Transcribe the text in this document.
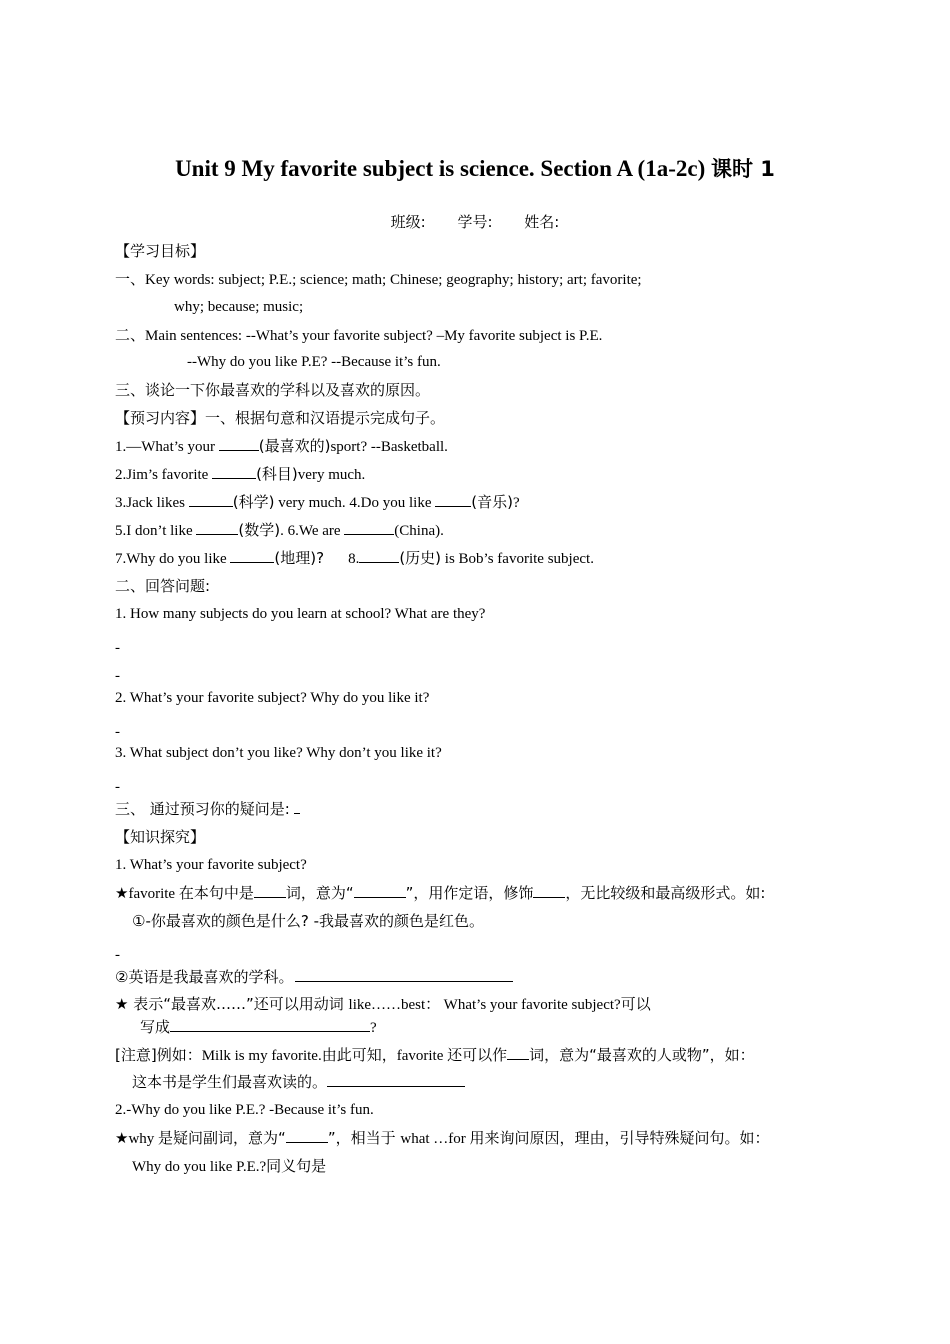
Unit 9 My favorite subject is science. Section A (1a-2c) 课时 1
班级: 学号: 姓名:
【学习目标】
一、Key words: subject; P.E.; science; math; Chinese; geography; history; art; favorite;
why; because; music;
二、Main sentences: --What’s your favorite subject? –My favorite subject is P.E.
--Why do you like P.E? --Because it’s fun.
三、谈论一下你最喜欢的学科以及喜欢的原因。
【预习内容】一、根据句意和汉语提示完成句子。
1.—What’s your	(最喜欢的)sport? --Basketball.
2.Jim’s favorite	(科目)very much.
3.Jack likes	(科学) very much. 4.Do you like (音乐)?
5.I don’t like	(数学). 6.We are	(China).
7.Why do you like	(地理)? 8.	(历史) is Bob’s favorite subject.
二、回答问题:
1. How many subjects do you learn at school? What are they?
-
-
2. What’s your favorite subject? Why do you like it?
-
3. What subject don’t you like? Why don’t you like it?
-
三、 通过预习你的疑问是:
【知识探究】
1. What’s your favorite subject?
★favorite 在本句中是 词，意为“	”，用作定语，修饰 ，无比较级和最高级形式。如:
①-你最喜欢的颜色是什么? -我最喜欢的颜色是红色。
-
②英语是我最喜欢的学科。
★ 表示“最喜欢……”还可以用动词 like……best： What’s your favorite subject?可以
写成	?
[注意]例如：Milk is my favorite.由此可知，favorite 还可以作 词，意为“最喜欢的人或物”，如：
这本书是学生们最喜欢读的。
2.-Why do you like P.E.? -Because it’s fun.
★why 是疑问副词，意为“	”，相当于 what …for 用来询问原因，理由，引导特殊疑问句。如：
Why do you like P.E.?同义句是
